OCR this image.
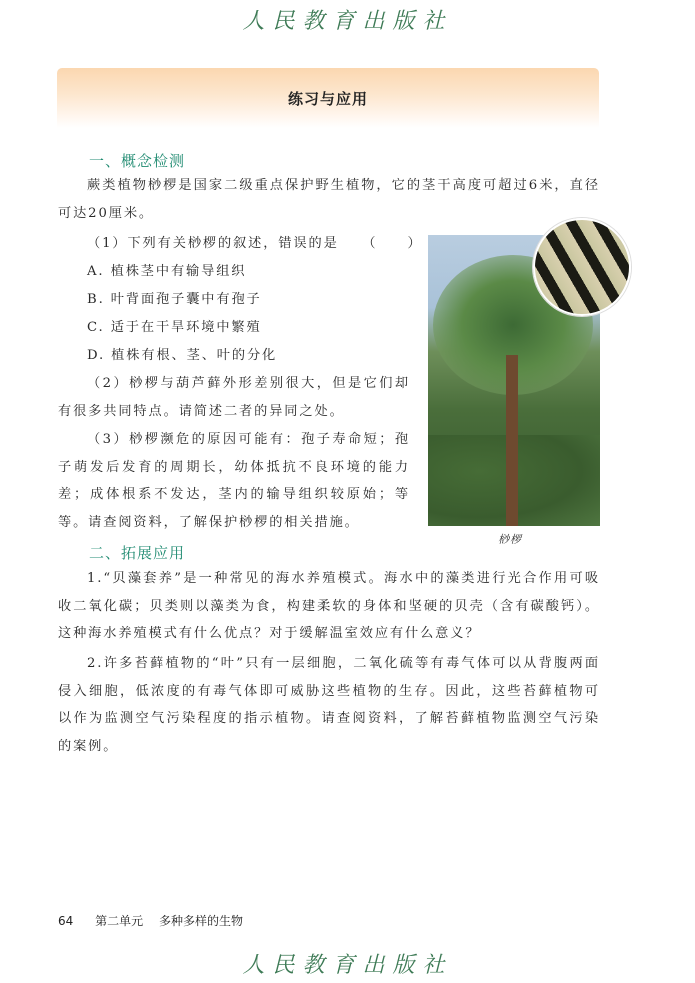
人民教育出版社
练习与应用
一、概念检测
蕨类植物桫椤是国家二级重点保护野生植物，它的茎干高度可超过6米，直径可达20厘米。
（1）下列有关桫椤的叙述，错误的是　　（　　）
A. 植株茎中有输导组织
B. 叶背面孢子囊中有孢子
C. 适于在干旱环境中繁殖
D. 植株有根、茎、叶的分化
（2）桫椤与葫芦藓外形差别很大，但是它们却有很多共同特点。请简述二者的异同之处。
（3）桫椤濒危的原因可能有：孢子寿命短；孢子萌发后发育的周期长，幼体抵抗不良环境的能力差；成体根系不发达，茎内的输导组织较原始；等等。请查阅资料，了解保护桫椤的相关措施。
桫椤
二、拓展应用
1.“贝藻套养”是一种常见的海水养殖模式。海水中的藻类进行光合作用可吸收二氧化碳；贝类则以藻类为食，构建柔软的身体和坚硬的贝壳（含有碳酸钙）。这种海水养殖模式有什么优点？对于缓解温室效应有什么意义？
2.许多苔藓植物的“叶”只有一层细胞，二氧化硫等有毒气体可以从背腹两面侵入细胞，低浓度的有毒气体即可威胁这些植物的生存。因此，这些苔藓植物可以作为监测空气污染程度的指示植物。请查阅资料，了解苔藓植物监测空气污染的案例。
64 第二单元 多种多样的生物
人民教育出版社
